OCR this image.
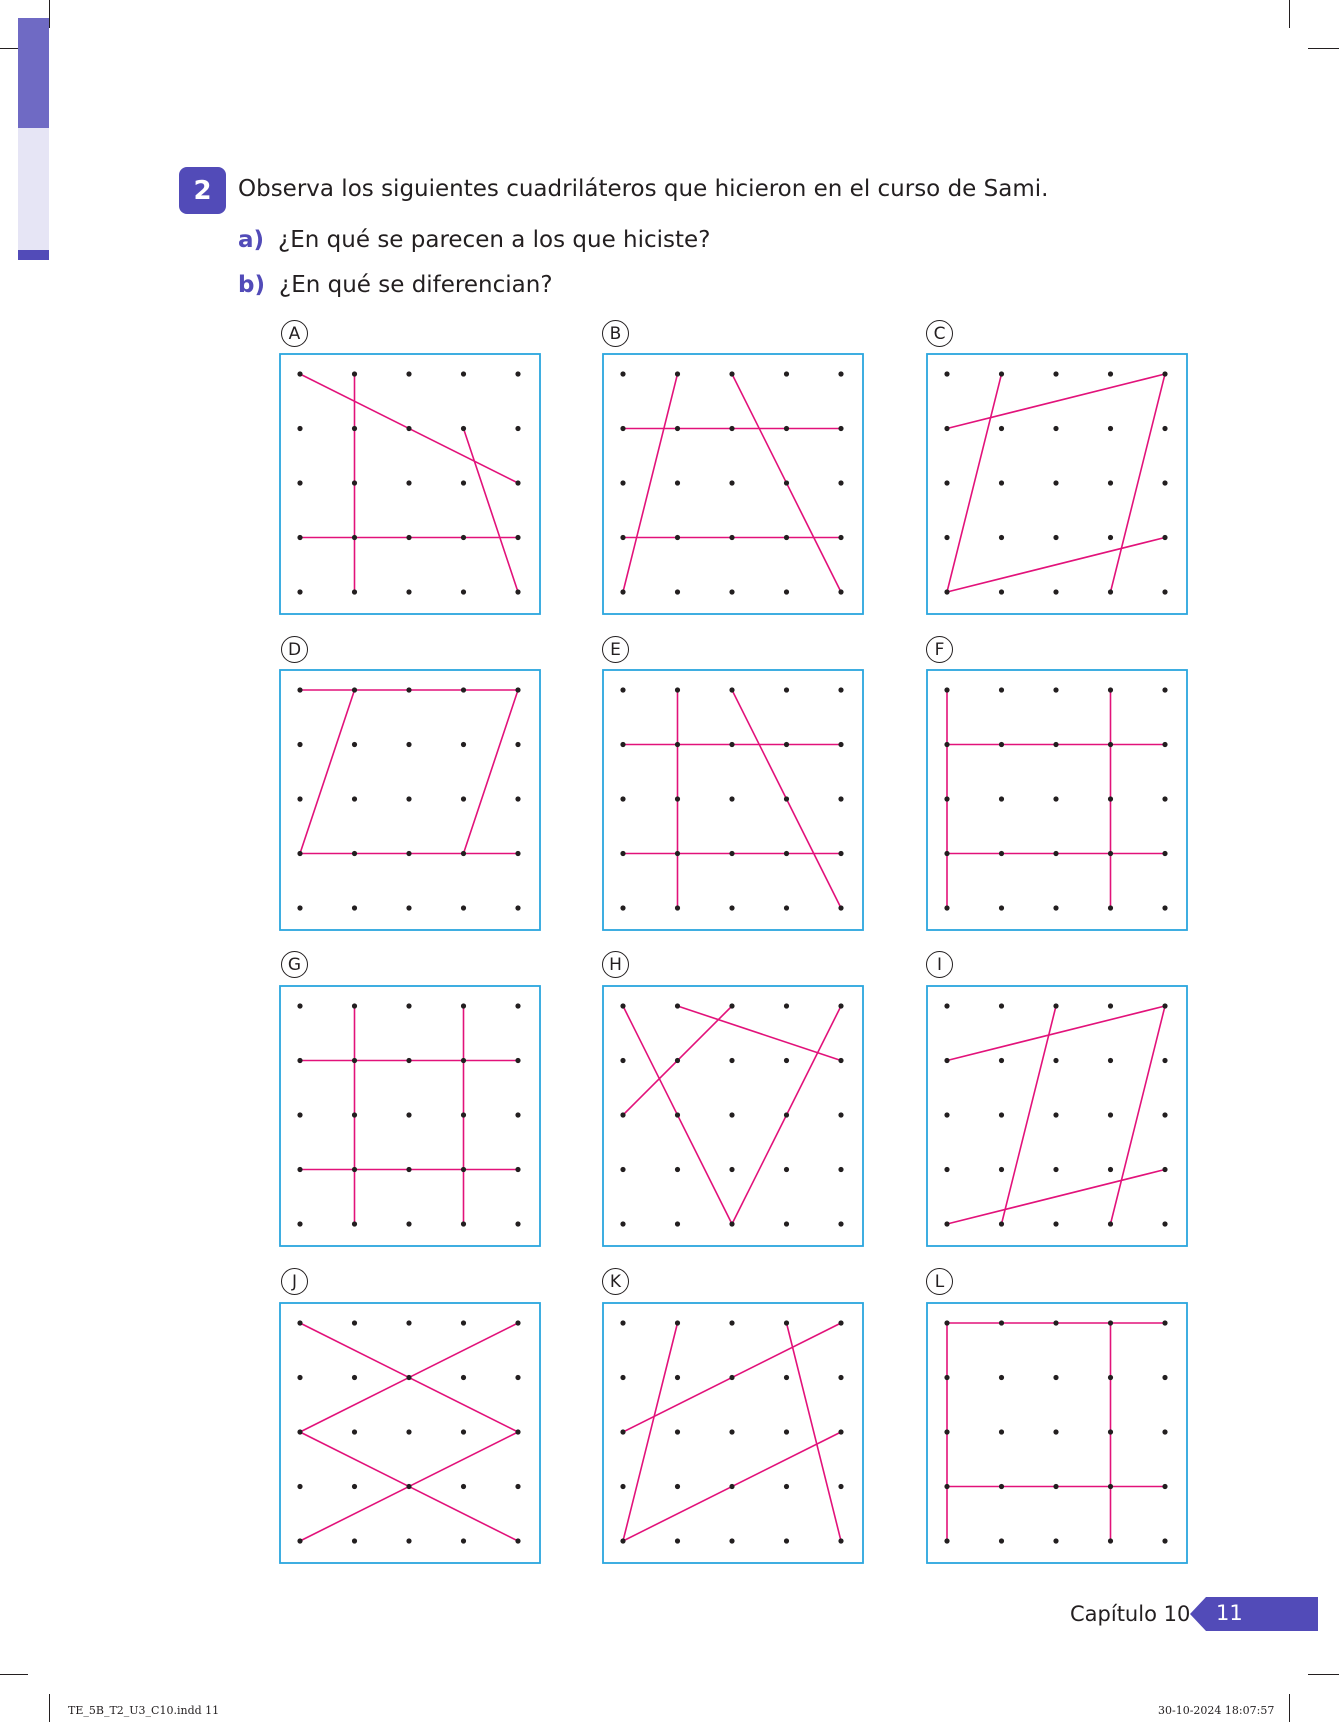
2 Observa los siguientes cuadriláteros que hicieron en el curso de Sami.
a) ¿En qué se parecen a los que hiciste?
b) ¿En qué se diferencian?
A	B	C
D	E	F
G	H	I
J	K	L
Capítulo 10 11
TE_5B_T2_U3_C10.indd 11	30-10-2024 18:07:57
